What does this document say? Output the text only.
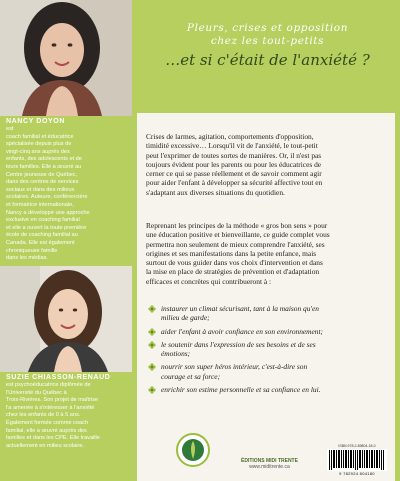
NANCY DOYON
est
coach familial et éducatrice
spécialisée depuis plus de
vingt-cinq ans auprès des
enfants, des adolescents et de
leurs familles. Elle a œuvré au
Centre jeunesse de Québec,
dans des centres de services
sociaux et dans des milieux
scolaires. Auteure, conférencière
et formatrice internationale,
Nancy a développé une approche
exclusive en coaching familial
et elle a ouvert la toute première
école de coaching familial au
Canada. Elle est également
chroniqueuse famille
dans les médias.
SUZIE CHIASSON-RENAUD
est psychoéducatrice diplômée de
l'Université du Québec à
Trois-Rivières. Son projet de maîtrise
l'a amenée à s'intéresser à l'anxiété
chez les enfants de 0 à 5 ans.
Également formée comme coach
familial, elle a œuvré auprès des
familles et dans les CPE. Elle travaille
actuellement en milieu scolaire.
Pleurs, crises et opposition
chez les tout-petits
…et si c'était de l'anxiété ?

Crises de larmes, agitation, comportements d'opposition,
timidité excessive… Lorsqu'il vit de l'anxiété, le tout-petit
peut l'exprimer de toutes sortes de manières. Or, il n'est pas
toujours évident pour les parents ou pour les éducatrices de
cerner ce qui se passe réellement et de savoir comment agir
pour aider l'enfant à développer sa sécurité affective tout en
s'adaptant aux diverses situations du quotidien.

Reprenant les principes de la méthode « gros bon sens » pour
une éducation positive et bienveillante, ce guide complet vous
permettra non seulement de mieux comprendre l'anxiété, ses
origines et ses manifestations dans la petite enfance, mais
surtout de vous guider dans vos choix d'intervention et dans
la mise en place de stratégies de prévention et d'adaptation
efficaces et concrètes qui contribueront à :

instaurer un climat sécurisant, tant à la maison qu'en
milieu de garde;
aider l'enfant à avoir confiance en son environnement;
le soutenir dans l'expression de ses besoins et de ses
émotions;
nourrir son super héros intérieur, c'est-à-dire son
courage et sa force;
enrichir son estime personnelle et sa confiance en lui.
ÉDITIONS MIDI TRENTE
www.miditrente.ca
ISBN 978-2-89804-18-0
9 782924 804180
